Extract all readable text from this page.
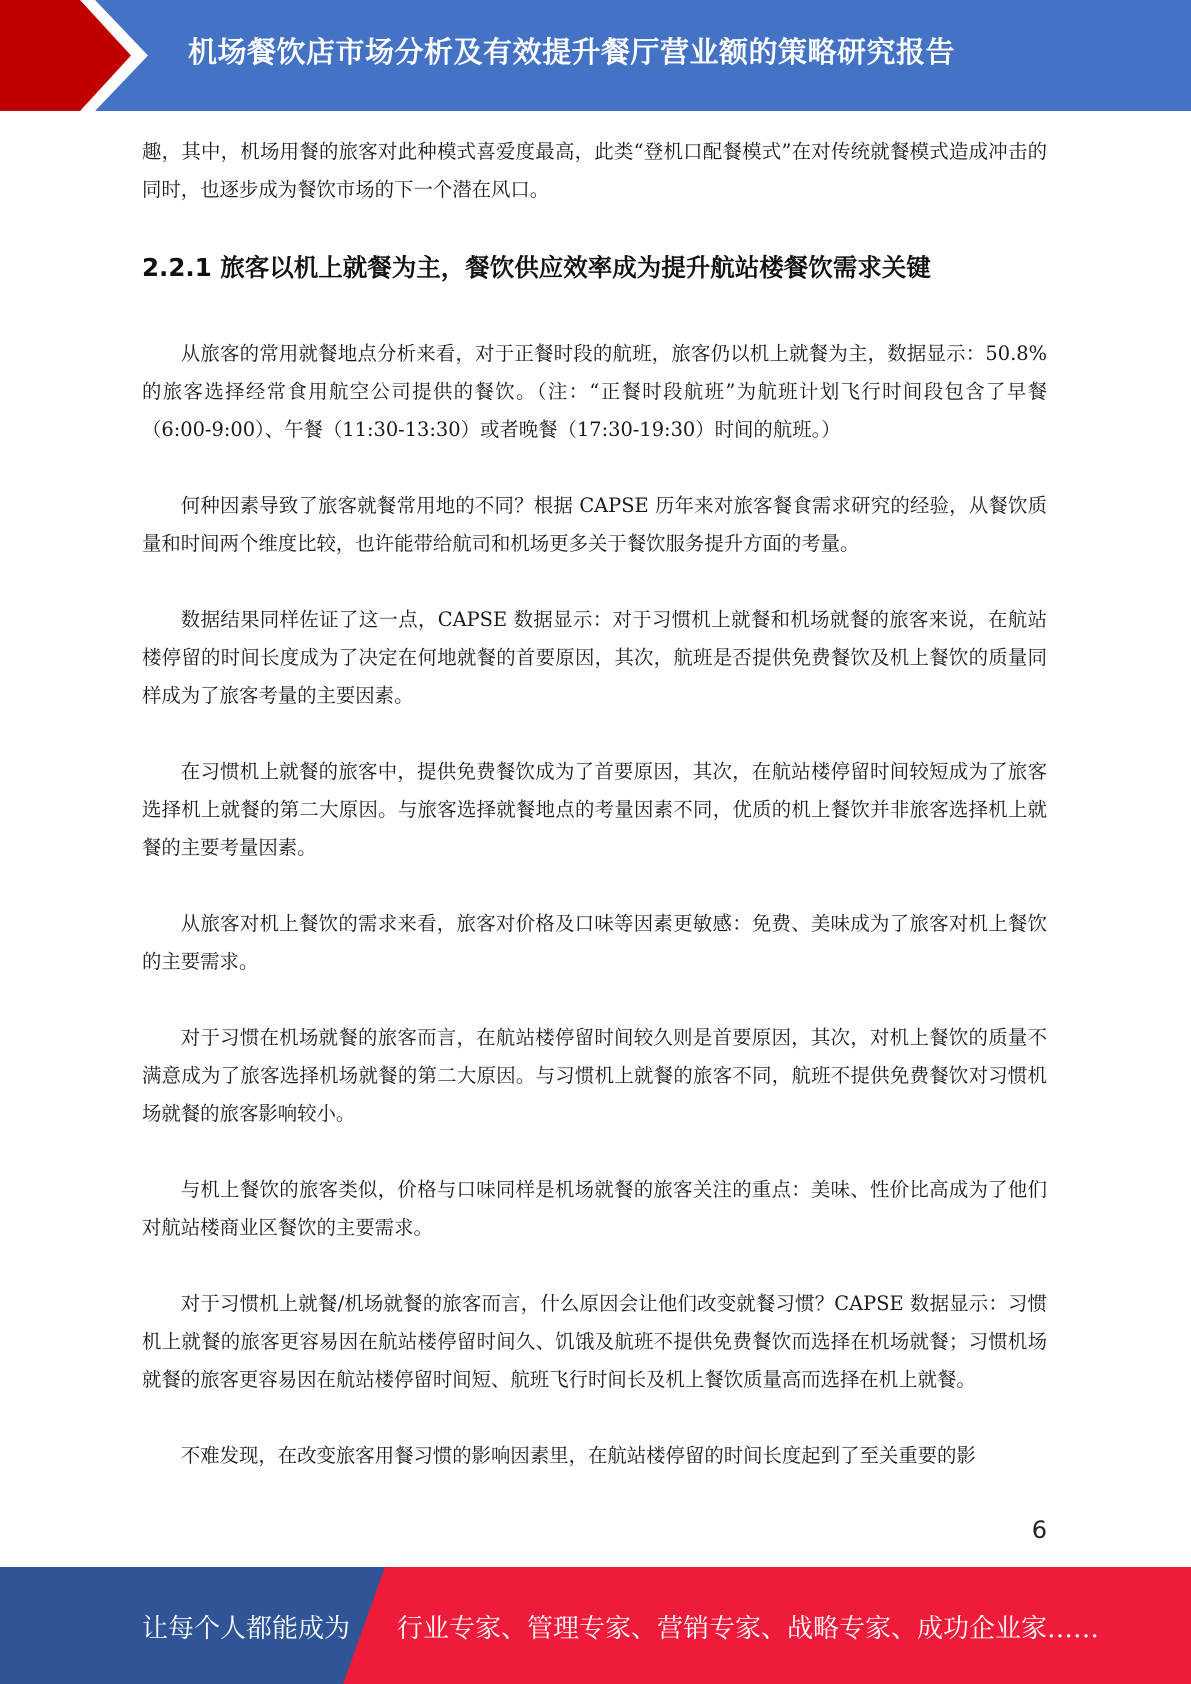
机场餐饮店市场分析及有效提升餐厅营业额的策略研究报告

趣，其中，机场用餐的旅客对此种模式喜爱度最高，此类“登机口配餐模式”在对传统就餐模式造成冲击的同时，也逐步成为餐饮市场的下一个潜在风口。

2.2.1 旅客以机上就餐为主，餐饮供应效率成为提升航站楼餐饮需求关键

从旅客的常用就餐地点分析来看，对于正餐时段的航班，旅客仍以机上就餐为主，数据显示：50.8%的旅客选择经常食用航空公司提供的餐饮。（注：“正餐时段航班”为航班计划飞行时间段包含了早餐（6:00-9:00）、午餐（11:30-13:30）或者晚餐（17:30-19:30）时间的航班。）

何种因素导致了旅客就餐常用地的不同？根据 CAPSE 历年来对旅客餐食需求研究的经验，从餐饮质量和时间两个维度比较，也许能带给航司和机场更多关于餐饮服务提升方面的考量。

数据结果同样佐证了这一点，CAPSE 数据显示：对于习惯机上就餐和机场就餐的旅客来说，在航站楼停留的时间长度成为了决定在何地就餐的首要原因，其次，航班是否提供免费餐饮及机上餐饮的质量同样成为了旅客考量的主要因素。

在习惯机上就餐的旅客中，提供免费餐饮成为了首要原因，其次，在航站楼停留时间较短成为了旅客选择机上就餐的第二大原因。与旅客选择就餐地点的考量因素不同，优质的机上餐饮并非旅客选择机上就餐的主要考量因素。

从旅客对机上餐饮的需求来看，旅客对价格及口味等因素更敏感：免费、美味成为了旅客对机上餐饮的主要需求。

对于习惯在机场就餐的旅客而言，在航站楼停留时间较久则是首要原因，其次，对机上餐饮的质量不满意成为了旅客选择机场就餐的第二大原因。与习惯机上就餐的旅客不同，航班不提供免费餐饮对习惯机场就餐的旅客影响较小。

与机上餐饮的旅客类似，价格与口味同样是机场就餐的旅客关注的重点：美味、性价比高成为了他们对航站楼商业区餐饮的主要需求。

对于习惯机上就餐/机场就餐的旅客而言，什么原因会让他们改变就餐习惯？CAPSE 数据显示：习惯机上就餐的旅客更容易因在航站楼停留时间久、饥饿及航班不提供免费餐饮而选择在机场就餐；习惯机场就餐的旅客更容易因在航站楼停留时间短、航班飞行时间长及机上餐饮质量高而选择在机上就餐。

不难发现，在改变旅客用餐习惯的影响因素里，在航站楼停留的时间长度起到了至关重要的影

6
让每个人都能成为 行业专家、管理专家、营销专家、战略专家、成功企业家……
